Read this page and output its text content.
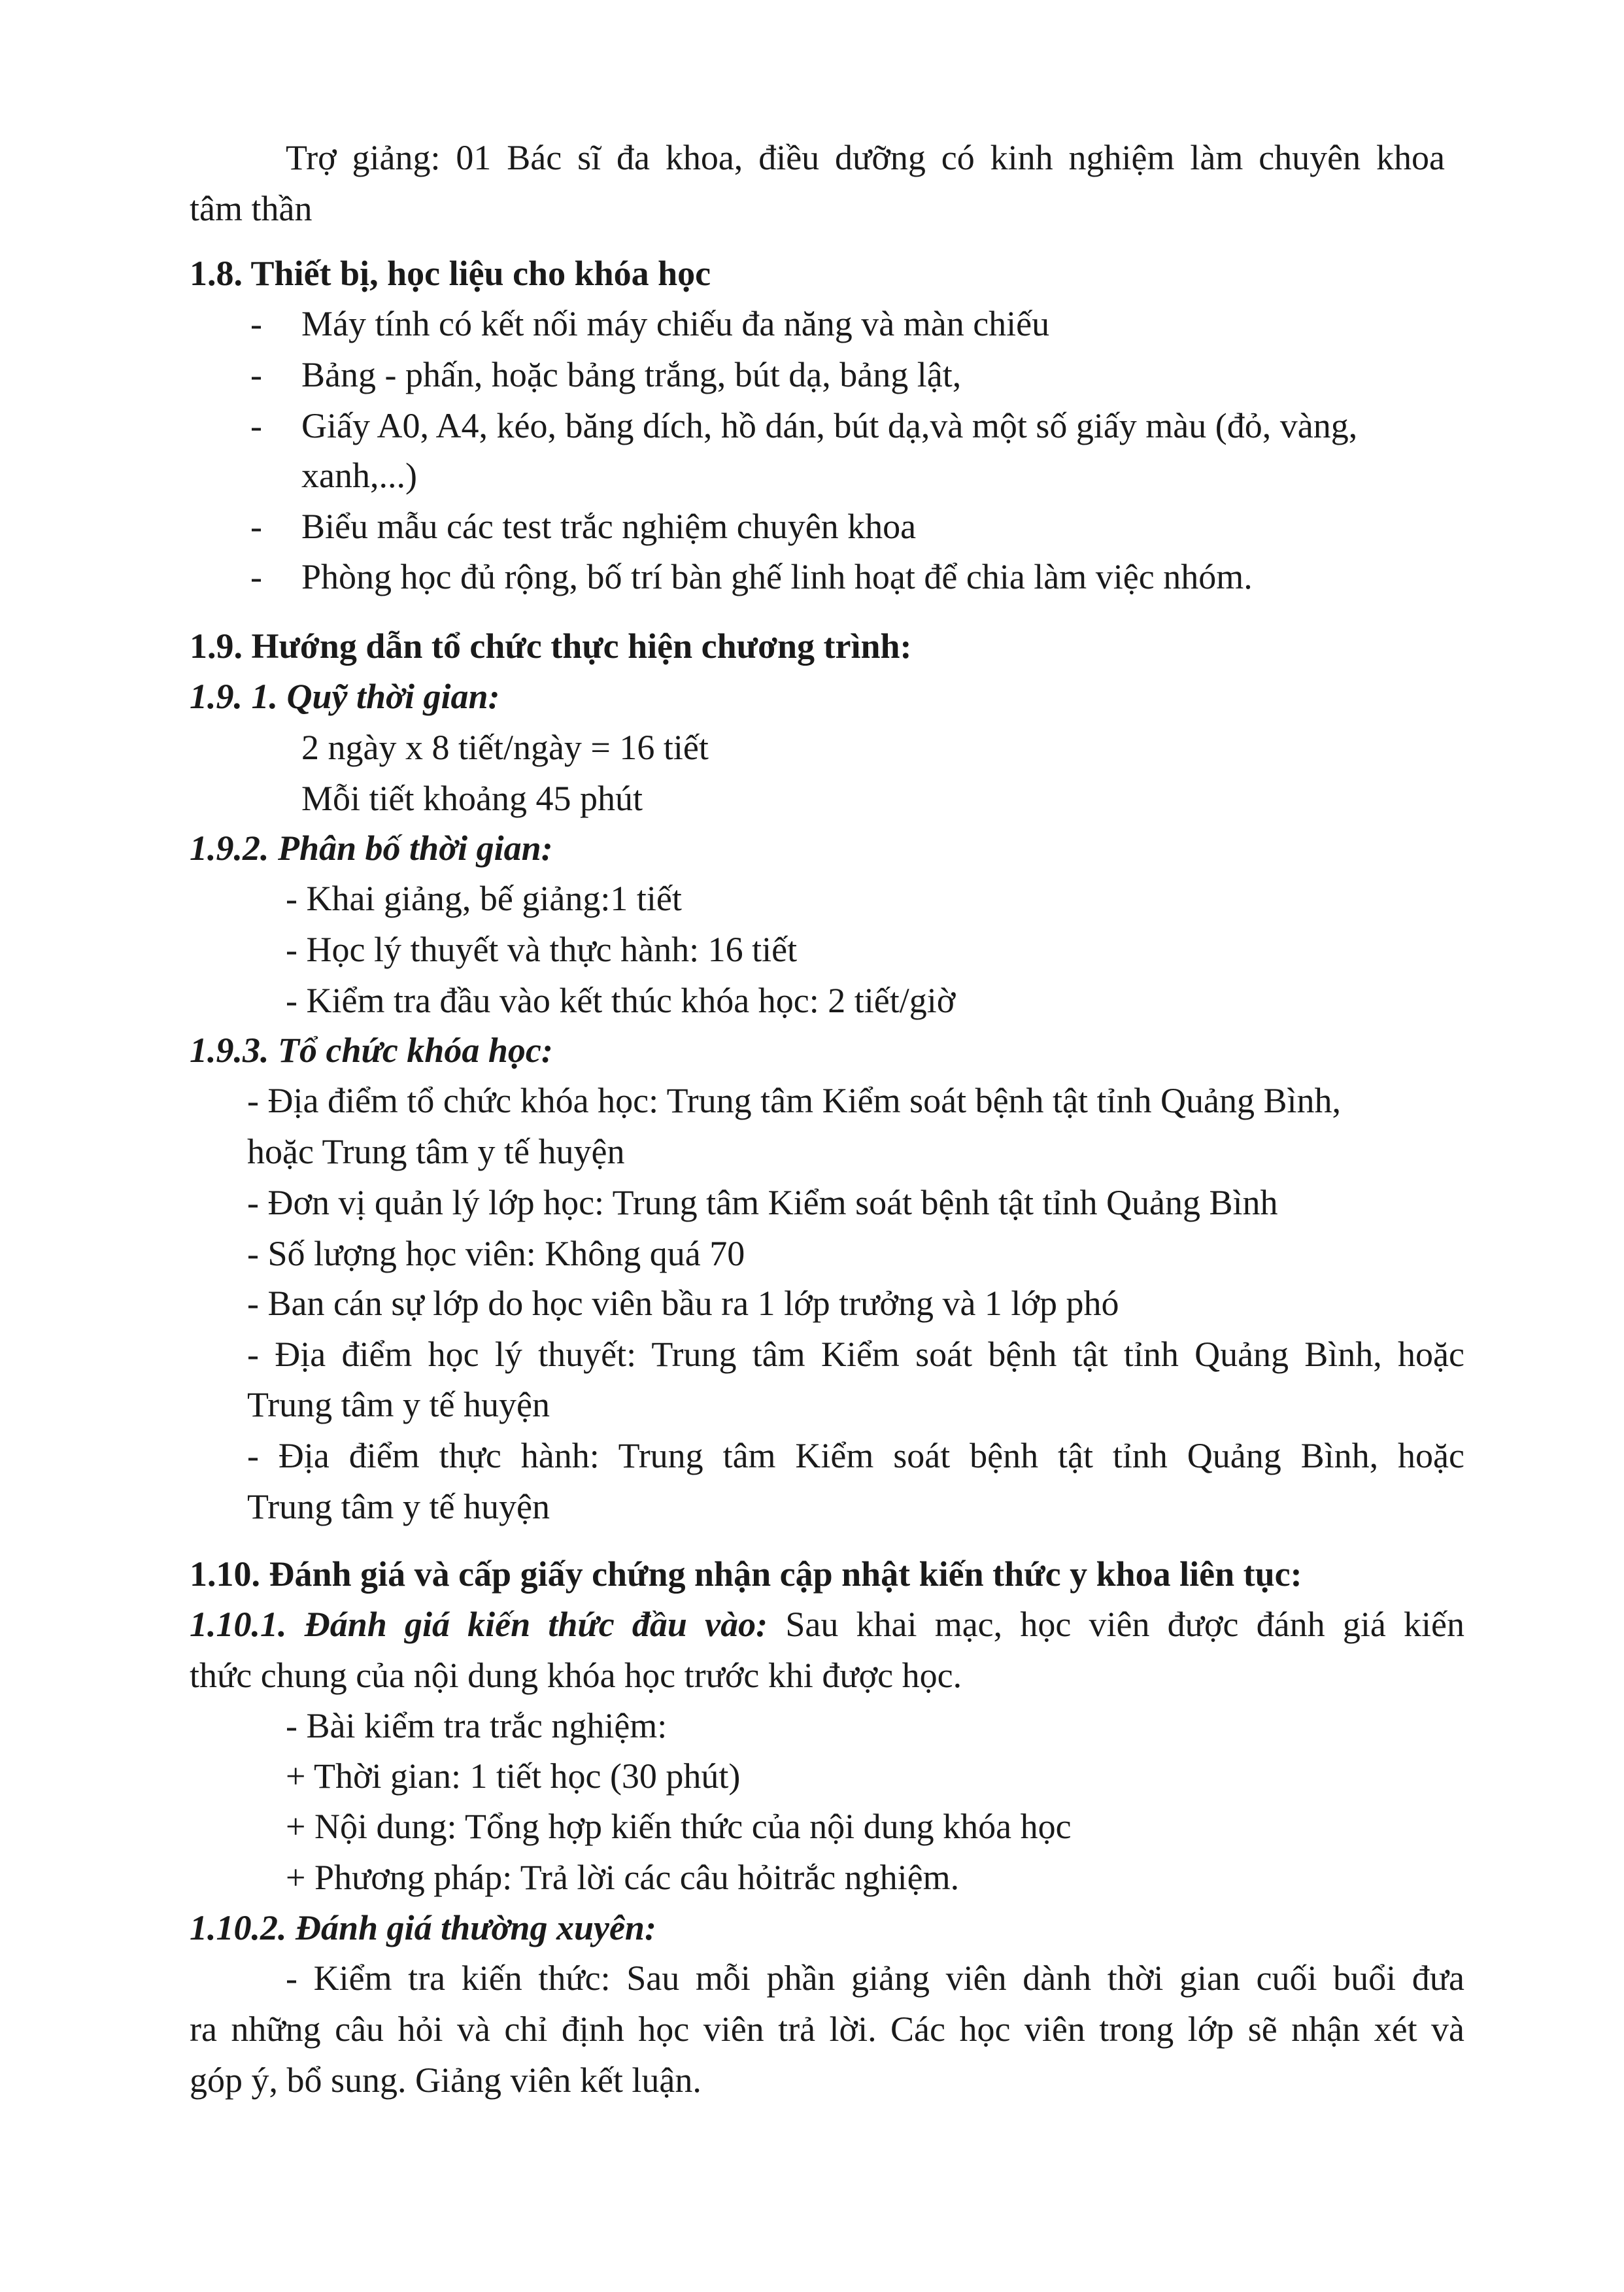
Trợ giảng: 01 Bác sĩ đa khoa, điều dưỡng có kinh nghiệm làm chuyên khoa
tâm thần
1.8. Thiết bị, học liệu cho khóa học
- Máy tính có kết nối máy chiếu đa năng và màn chiếu
- Bảng - phấn, hoặc bảng trắng, bút dạ, bảng lật,
- Giấy A0, A4, kéo, băng dích, hồ dán, bút dạ,và một số giấy màu (đỏ, vàng,
xanh,...)
- Biểu mẫu các test trắc nghiệm chuyên khoa
- Phòng học đủ rộng, bố trí bàn ghế linh hoạt để chia làm việc nhóm.
1.9. Hướng dẫn tổ chức thực hiện chương trình:
1.9. 1. Quỹ thời gian:
2 ngày x 8 tiết/ngày = 16 tiết
Mỗi tiết khoảng 45 phút
1.9.2. Phân bố thời gian:
- Khai giảng, bế giảng:1 tiết
- Học lý thuyết và thực hành: 16 tiết
- Kiểm tra đầu vào kết thúc khóa học: 2 tiết/giờ
1.9.3. Tổ chức khóa học:
- Địa điểm tổ chức khóa học: Trung tâm Kiểm soát bệnh tật tỉnh Quảng Bình,
hoặc Trung tâm y tế huyện
- Đơn vị quản lý lớp học: Trung tâm Kiểm soát bệnh tật tỉnh Quảng Bình
- Số lượng học viên: Không quá 70
- Ban cán sự lớp do học viên bầu ra 1 lớp trưởng và 1 lớp phó
- Địa điểm học lý thuyết: Trung tâm Kiểm soát bệnh tật tỉnh Quảng Bình, hoặc
Trung tâm y tế huyện
- Địa điểm thực hành: Trung tâm Kiểm soát bệnh tật tỉnh Quảng Bình, hoặc
Trung tâm y tế huyện
1.10. Đánh giá và cấp giấy chứng nhận cập nhật kiến thức y khoa liên tục:
1.10.1. Đánh giá kiến thức đầu vào: Sau khai mạc, học viên được đánh giá kiến
thức chung của nội dung khóa học trước khi được học.
- Bài kiểm tra trắc nghiệm:
+ Thời gian: 1 tiết học (30 phút)
+ Nội dung: Tổng hợp kiến thức của nội dung khóa học
+ Phương pháp: Trả lời các câu hỏitrắc nghiệm.
1.10.2. Đánh giá thường xuyên:
- Kiểm tra kiến thức: Sau mỗi phần giảng viên dành thời gian cuối buổi đưa
ra những câu hỏi và chỉ định học viên trả lời. Các học viên trong lớp sẽ nhận xét và
góp ý, bổ sung. Giảng viên kết luận.
